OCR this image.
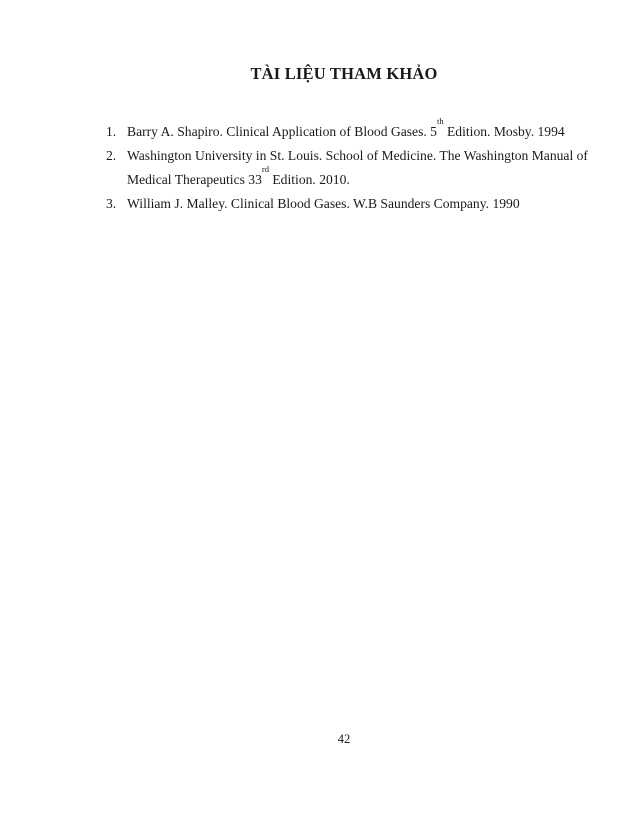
TÀI LIỆU THAM KHẢO
1. Barry A. Shapiro. Clinical Application of Blood Gases. 5th Edition. Mosby. 1994
2. Washington University in St. Louis. School of Medicine. The Washington Manual of Medical Therapeutics 33rd Edition. 2010.
3. William J. Malley. Clinical Blood Gases. W.B Saunders Company. 1990
42
